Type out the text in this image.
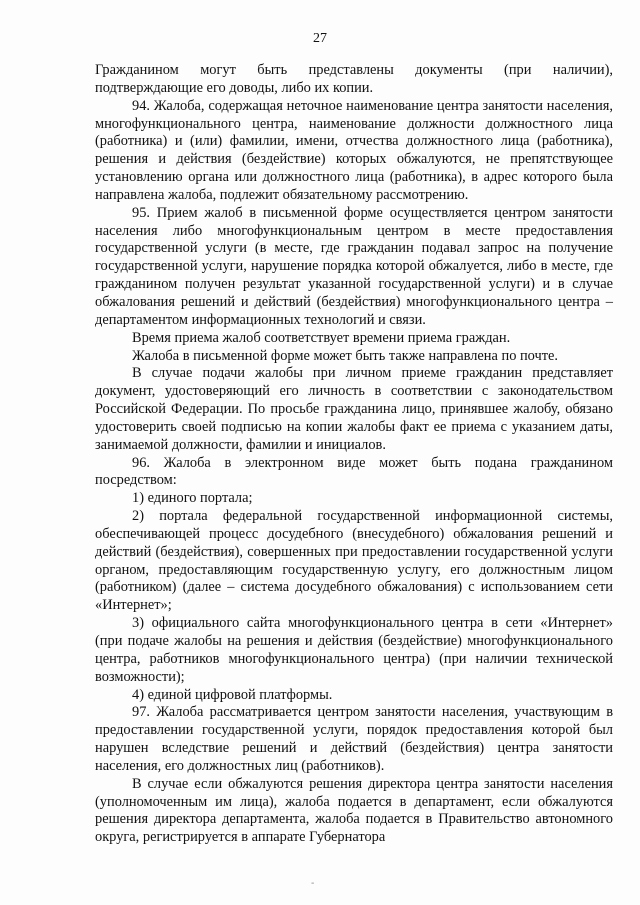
27

Гражданином могут быть представлены документы (при наличии), подтверждающие его доводы, либо их копии.

94. Жалоба, содержащая неточное наименование центра занятости населения, многофункционального центра, наименование должности должностного лица (работника) и (или) фамилии, имени, отчества должностного лица (работника), решения и действия (бездействие) которых обжалуются, не препятствующее установлению органа или должностного лица (работника), в адрес которого была направлена жалоба, подлежит обязательному рассмотрению.

95. Прием жалоб в письменной форме осуществляется центром занятости населения либо многофункциональным центром в месте предоставления государственной услуги (в месте, где гражданин подавал запрос на получение государственной услуги, нарушение порядка которой обжалуется, либо в месте, где гражданином получен результат указанной государственной услуги) и в случае обжалования решений и действий (бездействия) многофункционального центра – департаментом информационных технологий и связи.

Время приема жалоб соответствует времени приема граждан.

Жалоба в письменной форме может быть также направлена по почте.

В случае подачи жалобы при личном приеме гражданин представляет документ, удостоверяющий его личность в соответствии с законодательством Российской Федерации. По просьбе гражданина лицо, принявшее жалобу, обязано удостоверить своей подписью на копии жалобы факт ее приема с указанием даты, занимаемой должности, фамилии и инициалов.

96. Жалоба в электронном виде может быть подана гражданином посредством:

1) единого портала;

2) портала федеральной государственной информационной системы, обеспечивающей процесс досудебного (внесудебного) обжалования решений и действий (бездействия), совершенных при предоставлении государственной услуги органом, предоставляющим государственную услугу, его должностным лицом (работником) (далее – система досудебного обжалования) с использованием сети «Интернет»;

3) официального сайта многофункционального центра в сети «Интернет» (при подаче жалобы на решения и действия (бездействие) многофункционального центра, работников многофункционального центра) (при наличии технической возможности);

4) единой цифровой платформы.

97. Жалоба рассматривается центром занятости населения, участвующим в предоставлении государственной услуги, порядок предоставления которой был нарушен вследствие решений и действий (бездействия) центра занятости населения, его должностных лиц (работников).

В случае если обжалуются решения директора центра занятости населения (уполномоченным им лица), жалоба подается в департамент, если обжалуются решения директора департамента, жалоба подается в Правительство автономного округа, регистрируется в аппарате Губернатора

-
